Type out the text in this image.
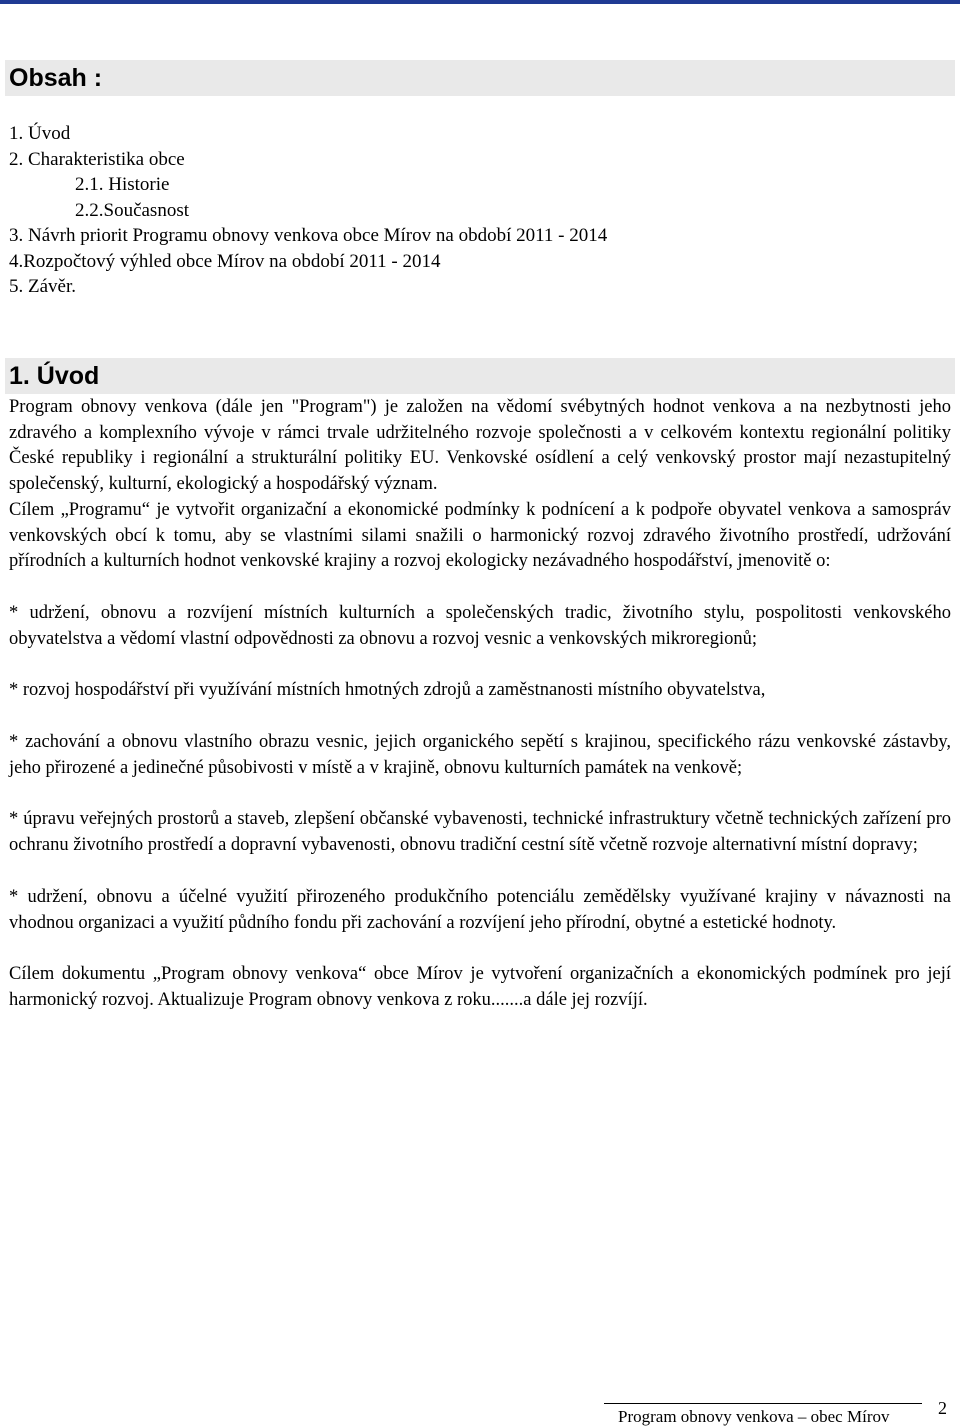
Obsah :
1. Úvod
2. Charakteristika obce
2.1. Historie
2.2.Současnost
3. Návrh priorit Programu obnovy venkova obce Mírov na období 2011 - 2014
4.Rozpočtový výhled obce Mírov na období 2011 - 2014
5. Závěr.
1. Úvod

Program obnovy venkova (dále jen "Program") je založen na vědomí svébytných hodnot venkova a na nezbytnosti jeho zdravého a komplexního vývoje v rámci trvale udržitelného rozvoje společnosti a v celkovém kontextu regionální politiky České republiky i regionální a strukturální politiky EU. Venkovské osídlení a celý venkovský prostor mají nezastupitelný společenský, kulturní, ekologický a hospodářský význam.

Cílem „Programu“ je vytvořit organizační a ekonomické podmínky k podnícení a k podpoře obyvatel venkova a samospráv venkovských obcí k tomu, aby se vlastními silami snažili o harmonický rozvoj zdravého životního prostředí, udržování přírodních a kulturních hodnot venkovské krajiny a rozvoj ekologicky nezávadného hospodářství, jmenovitě o:

* udržení, obnovu a rozvíjení místních kulturních a společenských tradic, životního stylu, pospolitosti venkovského obyvatelstva a vědomí vlastní odpovědnosti za obnovu a rozvoj vesnic a venkovských mikroregionů;

* rozvoj hospodářství při využívání místních hmotných zdrojů a zaměstnanosti místního obyvatelstva,

* zachování a obnovu vlastního obrazu vesnic, jejich organického sepětí s krajinou, specifického rázu venkovské zástavby, jeho přirozené a jedinečné působivosti v místě a v krajině, obnovu kulturních památek na venkově;

* úpravu veřejných prostorů a staveb, zlepšení občanské vybavenosti, technické infrastruktury včetně technických zařízení pro ochranu životního prostředí a dopravní vybavenosti, obnovu tradiční cestní sítě včetně rozvoje alternativní místní dopravy;

* udržení, obnovu a účelné využití přirozeného produkčního potenciálu zemědělsky využívané krajiny v návaznosti na vhodnou organizaci a využití půdního fondu při zachování a rozvíjení jeho přírodní, obytné a estetické hodnoty.

Cílem dokumentu „Program obnovy venkova“ obce Mírov je vytvoření organizačních a ekonomických podmínek pro její harmonický rozvoj. Aktualizuje Program obnovy venkova z roku.......a dále jej rozvíjí.

Program obnovy venkova – obec Mírov	2
